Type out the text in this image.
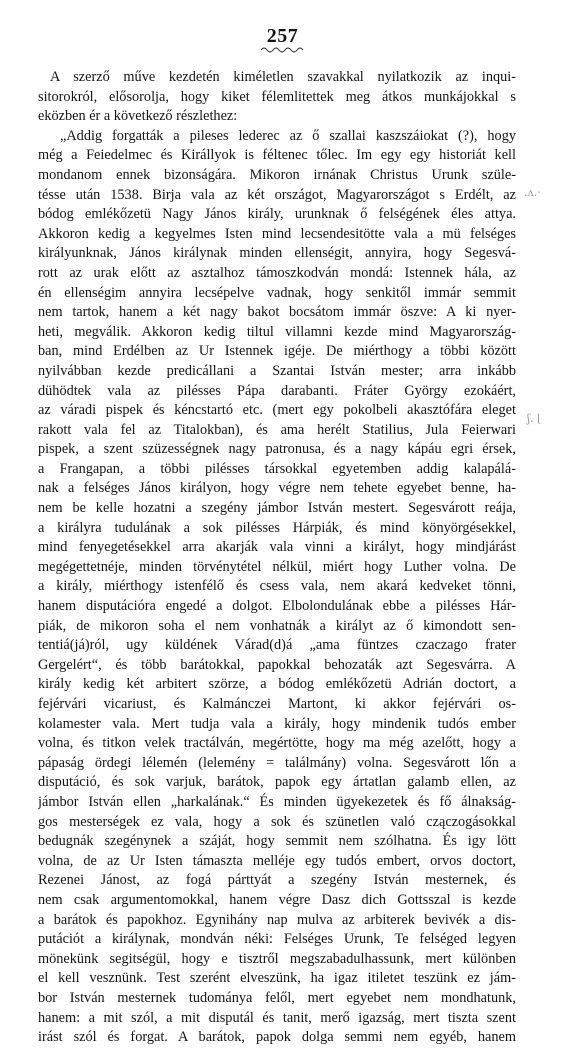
257
A szerző műve kezdetén kiméletlen szavakkal nyilatkozik az inqui-
sitorokról, elősorolja, hogy kiket félemlitettek meg átkos munkájokkal s
eközben ér a következő részlethez:
„Addig forgatták a pileses lederec az ő szallai kaszszáiokat (?), hogy
még a Feiedelmec és Királlyok is féltenec tőlec. Im egy egy historiát kell
mondanom ennek bizonságára. Mikoron irnának Christus Urunk szüle-
tésse után 1538. Birja vala az két országot, Magyarországot s Erdélt, az
bódog emlékőzetü Nagy János király, urunknak ő felségének éles attya.
Akkoron kedig a kegyelmes Isten mind lecsendesitötte vala a mü felséges
királyunknak, János királynak minden ellenségit, annyira, hogy Segesvá-
rott az urak előtt az asztalhoz támoszkodván mondá: Istennek hála, az
én ellenségim annyira lecsépelve vadnak, hogy senkitől immár semmit
nem tartok, hanem a két nagy bakot bocsátom immár öszve: A ki nyer-
heti, megválik. Akkoron kedig tiltul villamni kezde mind Magyarország-
ban, mind Erdélben az Ur Istennek igéje. De miérthogy a többi között
nyilvábban kezde predicállani a Szantai István mester; arra inkább
dühödtek vala az pilésses Pápa darabanti. Fráter György ezokáért,
az váradi pispek és kéncstartó etc. (mert egy pokolbeli akasztófára eleget
rakott vala fel az Titalokban), és ama herélt Statilius, Jula Feierwari
pispek, a szent szüzességnek nagy patronusa, és a nagy kápáu egri érsek,
a Frangapan, a többi pilésses társokkal egyetemben addig kalapálá-
nak a felséges János királyon, hogy végre nem tehete egyebet benne, ha-
nem be kelle hozatni a szegény jámbor István mestert. Segesvárott reája,
a királyra tudulának a sok pilésses Hárpiák, és mind könyörgésekkel,
mind fenyegetésekkel arra akarják vala vinni a királyt, hogy mindjárást
megégettetnéje, minden törvénytétel nélkül, miért hogy Luther volna. De
a király, miérthogy istenfélő és csess vala, nem akará kedveket tönni,
hanem disputációra engedé a dolgot. Elbolondulának ebbe a pilésses Hár-
piák, de mikoron soha el nem vonhatnák a királyt az ő kimondott sen-
tentiá(já)ról, ugy küldének Várad(d)á „ama füntzes czaczago frater
Gergelért“, és több barátokkal, papokkal behozaták azt Segesvárra. A
király kedig két arbitert szörze, a bódog emlékőzetü Adrián doctort, a
fejérvári vicariust, és Kalmánczei Martont, ki akkor fejérvári os-
kolamester vala. Mert tudja vala a király, hogy mindenik tudós ember
volna, és titkon velek tractálván, megértötte, hogy ma még azelőtt, hogy a
pápaság ördegi lélemén (lelemény = találmány) volna. Segesvárott lőn a
disputáció, és sok varjuk, barátok, papok egy ártatlan galamb ellen, az
jámbor István ellen „harkalának.“ És minden ügyekezetek és fő álnakság-
gos mesterségek ez vala, hogy a sok és szünetlen való czączogásokkal
bedugnák szegénynek a száját, hogy semmit nem szólhatna. És igy lött
volna, de az Ur Isten támaszta melléje egy tudós embert, orvos doctort,
Rezenei Jánost, az fogá párttyát a szegény István mesternek, és
nem csak argumentomokkal, hanem végre Dasz dich Gottsszal is kezde
a barátok és papokhoz. Egynihány nap mulva az arbiterek bevivék a dis-
putációt a királynak, mondván néki: Felséges Urunk, Te felséged legyen
mönekünk segitségül, hogy e tisztről megszabadulhassunk, mert különben
el kell vesznünk. Test szerént elveszünk, ha igaz itiletet teszünk ez jám-
bor István mesternek tudománya felől, mert egyebet nem mondhatunk,
hanem: a mit szól, a mit disputál és tanit, merő igazság, mert tiszta szent
irást szól és forgat. A barátok, papok dolga semmi nem egyéb, hanem
.ʌ.·
ʃ. ⌊
